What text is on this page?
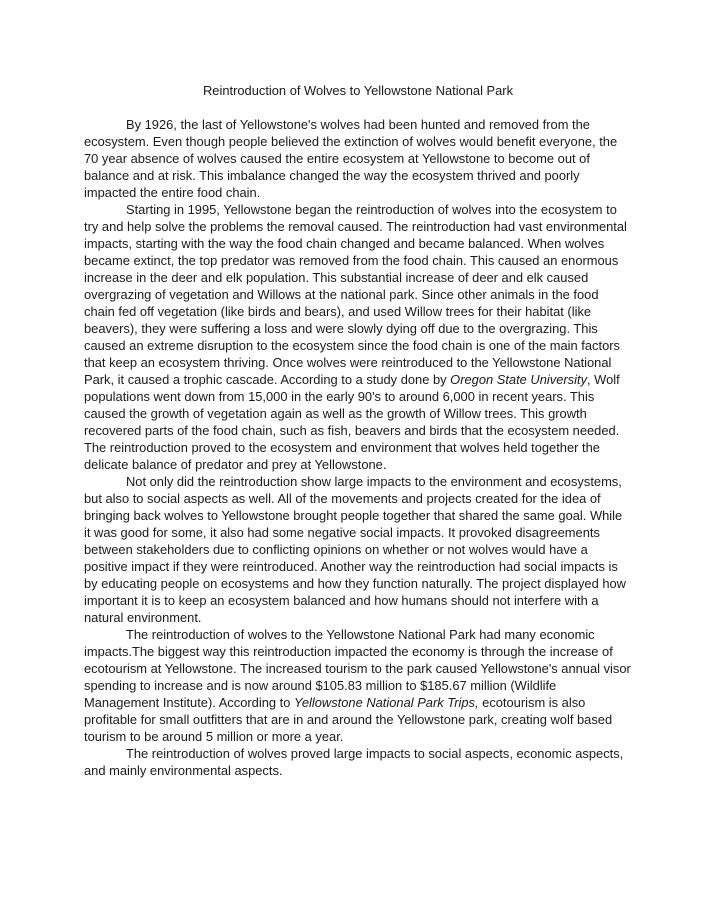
Reintroduction of Wolves to Yellowstone National Park

By 1926, the last of Yellowstone's wolves had been hunted and removed from the ecosystem. Even though people believed the extinction of wolves would benefit everyone, the 70 year absence of wolves caused the entire ecosystem at Yellowstone to become out of balance and at risk. This imbalance changed the way the ecosystem thrived and poorly impacted the entire food chain.

Starting in 1995, Yellowstone began the reintroduction of wolves into the ecosystem to try and help solve the problems the removal caused. The reintroduction had vast environmental impacts, starting with the way the food chain changed and became balanced. When wolves became extinct, the top predator was removed from the food chain. This caused an enormous increase in the deer and elk population. This substantial increase of deer and elk caused overgrazing of vegetation and Willows at the national park. Since other animals in the food chain fed off vegetation (like birds and bears), and used Willow trees for their habitat (like beavers), they were suffering a loss and were slowly dying off due to the overgrazing. This caused an extreme disruption to the ecosystem since the food chain is one of the main factors that keep an ecosystem thriving. Once wolves were reintroduced to the Yellowstone National Park, it caused a trophic cascade. According to a study done by Oregon State University, Wolf populations went down from 15,000 in the early 90's to around 6,000 in recent years. This caused the growth of vegetation again as well as the growth of Willow trees. This growth recovered parts of the food chain, such as fish, beavers and birds that the ecosystem needed. The reintroduction proved to the ecosystem and environment that wolves held together the delicate balance of predator and prey at Yellowstone.

Not only did the reintroduction show large impacts to the environment and ecosystems, but also to social aspects as well. All of the movements and projects created for the idea of bringing back wolves to Yellowstone brought people together that shared the same goal. While it was good for some, it also had some negative social impacts. It provoked disagreements between stakeholders due to conflicting opinions on whether or not wolves would have a positive impact if they were reintroduced. Another way the reintroduction had social impacts is by educating people on ecosystems and how they function naturally. The project displayed how important it is to keep an ecosystem balanced and how humans should not interfere with a natural environment.

The reintroduction of wolves to the Yellowstone National Park had many economic impacts.The biggest way this reintroduction impacted the economy is through the increase of ecotourism at Yellowstone. The increased tourism to the park caused Yellowstone's annual visor spending to increase and is now around $105.83 million to $185.67 million (Wildlife Management Institute). According to Yellowstone National Park Trips, ecotourism is also profitable for small outfitters that are in and around the Yellowstone park, creating wolf based tourism to be around 5 million or more a year.

The reintroduction of wolves proved large impacts to social aspects, economic aspects, and mainly environmental aspects.
